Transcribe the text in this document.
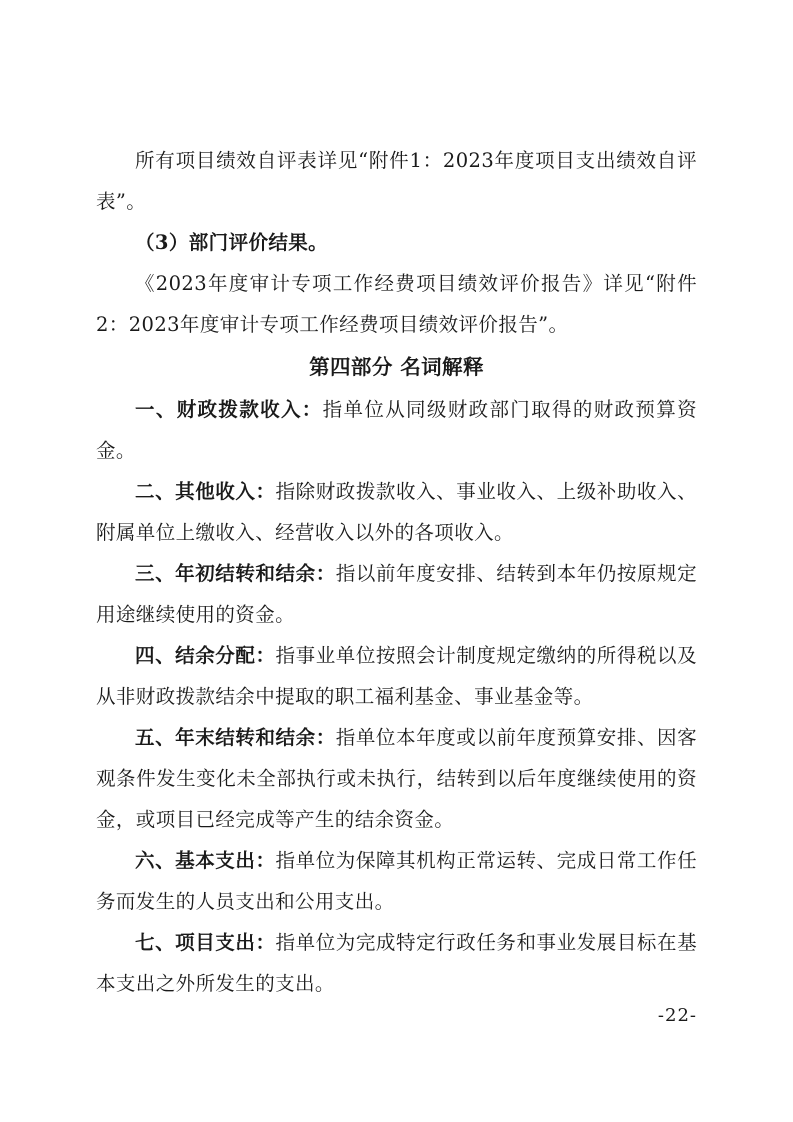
所有项目绩效自评表详见“附件1：2023年度项目支出绩效自评表”。

（3）部门评价结果。

《2023年度审计专项工作经费项目绩效评价报告》详见“附件2：2023年度审计专项工作经费项目绩效评价报告”。

第四部分 名词解释

一、财政拨款收入：指单位从同级财政部门取得的财政预算资金。

二、其他收入：指除财政拨款收入、事业收入、上级补助收入、附属单位上缴收入、经营收入以外的各项收入。

三、年初结转和结余：指以前年度安排、结转到本年仍按原规定用途继续使用的资金。

四、结余分配：指事业单位按照会计制度规定缴纳的所得税以及从非财政拨款结余中提取的职工福利基金、事业基金等。

五、年末结转和结余：指单位本年度或以前年度预算安排、因客观条件发生变化未全部执行或未执行，结转到以后年度继续使用的资金，或项目已经完成等产生的结余资金。

六、基本支出：指单位为保障其机构正常运转、完成日常工作任务而发生的人员支出和公用支出。

七、项目支出：指单位为完成特定行政任务和事业发展目标在基本支出之外所发生的支出。

-22-
